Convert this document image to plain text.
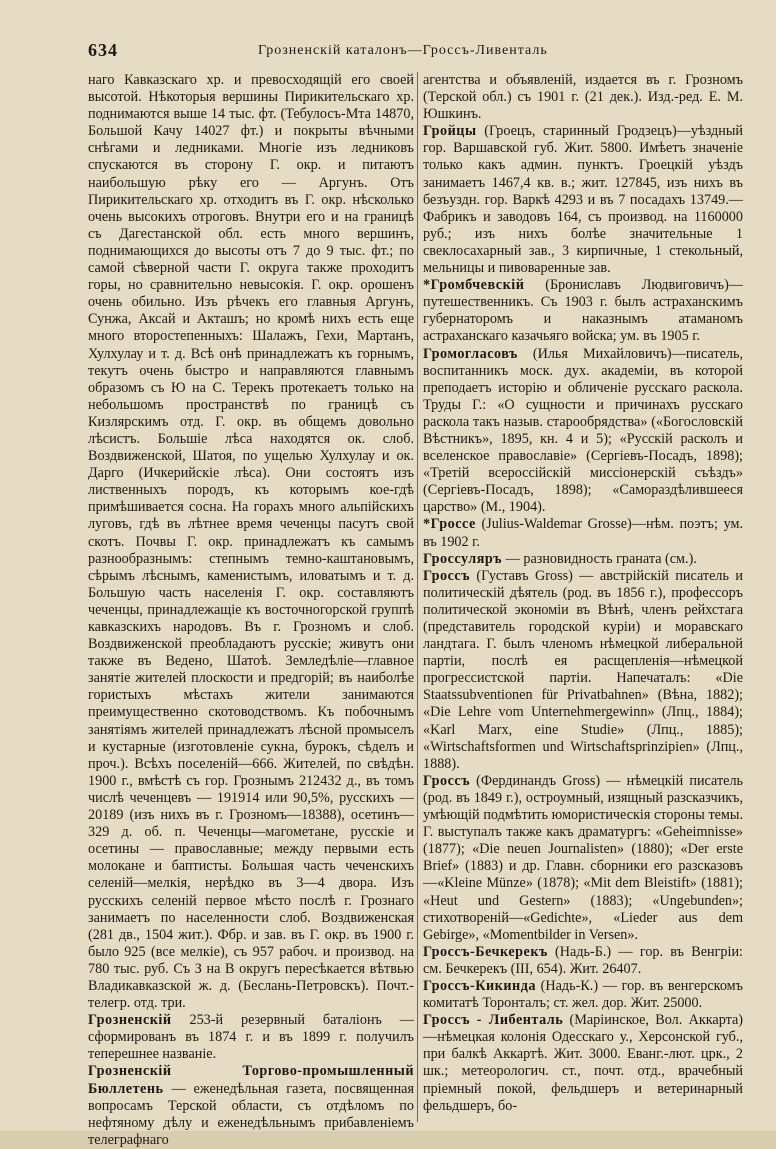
634	Грозненскій каталонъ—Гроссъ-Ливенталь

наго Кавказскаго хр. и превосходящій его своей высотой. Нѣкоторыя вершины Пирикительскаго хр. поднимаются выше 14 тыс. фт. (Тебулосъ-Мта 14870, Большой Качу 14027 фт.) и покрыты вѣчными снѣгами и ледниками. Многіе изъ ледниковъ спускаются въ сторону Г. окр. и питаютъ наибольшую рѣку его — Аргунъ. Отъ Пирикительскаго хр. отходитъ въ Г. окр. нѣсколько очень высокихъ отроговъ. Внутри его и на границѣ съ Дагестанской обл. есть много вершинъ, поднимающихся до высоты отъ 7 до 9 тыс. фт.; по самой сѣверной части Г. округа также проходитъ горы, но сравнительно невысокія. Г. окр. орошенъ очень обильно. Изъ рѣчекъ его главныя Аргунъ, Сунжа, Аксай и Акташъ; но кромѣ нихъ есть еще много второстепенныхъ: Шалажъ, Гехи, Мартанъ, Хулхулау и т. д. Всѣ онѣ принадлежатъ къ горнымъ, текутъ очень быстро и направляются главнымъ образомъ съ Ю на С. Терекъ протекаетъ только на небольшомъ пространствѣ по границѣ съ Кизлярскимъ отд. Г. окр. въ общемъ довольно лѣсистъ. Большіе лѣса находятся ок. слоб. Воздвиженской, Шатоя, по ущелью Хулхулау и ок. Дарго (Ичкерийскіе лѣса). Они состоятъ изъ лиственныхъ породъ, къ которымъ кое-гдѣ примѣшивается сосна. На горахъ много альпійскихъ луговъ, гдѣ въ лѣтнее время чеченцы пасутъ свой скотъ. Почвы Г. окр. принадлежатъ къ самымъ разнообразнымъ: степнымъ темно-каштановымъ, сѣрымъ лѣснымъ, каменистымъ, иловатымъ и т. д. Большую часть населенія Г. окр. составляютъ чеченцы, принадлежащіе къ восточногорской группѣ кавказскихъ народовъ. Въ г. Грозномъ и слоб. Воздвиженской преобладаютъ русскіе; живутъ они также въ Ведено, Шатоѣ. Земледѣліе—главное занятіе жителей плоскости и предгорій; въ наиболѣе гористыхъ мѣстахъ жители занимаются преимущественно скотоводствомъ. Къ побочнымъ занятіямъ жителей принадлежатъ лѣсной промыселъ и кустарные (изготовленіе сукна, бурокъ, сѣделъ и проч.). Всѣхъ поселеній—666. Жителей, по свѣдѣн. 1900 г., вмѣстѣ съ гор. Грознымъ 212432 д., въ томъ числѣ чеченцевъ — 191914 или 90,5%, русскихъ — 20189 (изъ нихъ въ г. Грозномъ—18388), осетинъ—329 д. об. п. Чеченцы—магометане, русскіе и осетины — православные; между первыми есть молокане и баптисты. Большая часть чеченскихъ селеній—мелкія, нерѣдко въ 3—4 двора. Изъ русскихъ селеній первое мѣсто послѣ г. Грознаго занимаетъ по населенности слоб. Воздвиженская (281 дв., 1504 жит.). Фбр. и зав. въ Г. окр. въ 1900 г. было 925 (все мелкіе), съ 957 рабоч. и производ. на 780 тыс. руб. Съ З на В округъ пересѣкается вѣтвью Владикавказской ж. д. (Беслань-Петровскъ). Почт.-телегр. отд. три.

Грозненскій 253-й резервный баталіонъ — сформированъ въ 1874 г. и въ 1899 г. получилъ теперешнее названіе.

Грозненскій Торгово-промышленный Бюллетень — еженедѣльная газета, посвященная вопросамъ Терской области, съ отдѣломъ по нефтяному дѣлу и еженедѣльнымъ прибавленіемъ телеграфнаго

агентства и объявленій, издается въ г. Грозномъ (Терской обл.) съ 1901 г. (21 дек.). Изд.-ред. Е. М. Юшкинъ.

Гройцы (Гроецъ, старинный Гродзецъ)—уѣздный гор. Варшавской губ. Жит. 5800. Имѣетъ значеніе только какъ админ. пунктъ. Гроецкій уѣздъ занимаетъ 1467,4 кв. в.; жит. 127845, изъ нихъ въ безъуздн. гор. Варкѣ 4293 и въ 7 посадахъ 13749.—Фабрикъ и заводовъ 164, съ производ. на 1160000 руб.; изъ нихъ болѣе значительные 1 свеклосахарный зав., 3 кирпичные, 1 стекольный, мельницы и пивоваренные зав.

*Громбчевскій (Брониславъ Людвиговичъ)—путешественникъ. Съ 1903 г. былъ астраханскимъ губернаторомъ и наказнымъ атаманомъ астраханскаго казачьяго войска; ум. въ 1905 г.

Громогласовъ (Илья Михайловичъ)—писатель, воспитанникъ моск. дух. академіи, въ которой преподаетъ исторію и обличеніе русскаго раскола. Труды Г.: «О сущности и причинахъ русскаго раскола такъ назыв. старообрядства» («Богословскій Вѣстникъ», 1895, кн. 4 и 5); «Русскій расколъ и вселенское православіе» (Сергіевъ-Посадъ, 1898); «Третій всероссійскій миссіонерскій съѣздъ» (Сергіевъ-Посадъ, 1898); «Самораздѣлившееся царство» (М., 1904).

*Гроссе (Julius-Waldemar Grosse)—нѣм. поэтъ; ум. въ 1902 г.

Гроссуляръ — разновидность граната (см.).

Гроссъ (Густавъ Gross) — австрійскій писатель и политическій дѣятель (род. въ 1856 г.), профессоръ политической экономіи въ Вѣнѣ, членъ рейхстага (представитель городской куріи) и моравскаго ландтага. Г. былъ членомъ нѣмецкой либеральной партіи, послѣ ея расщепленія—нѣмецкой прогрессистской партіи. Напечаталъ: «Die Staatssubventionen für Privatbahnen» (Вѣна, 1882); «Die Lehre vom Unternehmergewinn» (Лпц., 1884); «Karl Marx, eine Studie» (Лпц., 1885); «Wirtschaftsformen und Wirtschaftsprinzipien» (Лпц., 1888).

Гроссъ (Фердинандъ Gross) — нѣмецкій писатель (род. въ 1849 г.), остроумный, изящный разсказчикъ, умѣющій подмѣтить юмористическія стороны темы. Г. выступалъ также какъ драматургъ: «Geheimnisse» (1877); «Die neuen Journalisten» (1880); «Der erste Brief» (1883) и др. Главн. сборники его разсказовъ—«Kleine Münze» (1878); «Mit dem Bleistift» (1881); «Heut und Gestern» (1883); «Ungebunden»; стихотвореній—«Gedichte», «Lieder aus dem Gebirge», «Momentbilder in Versen».

Гроссъ-Бечкерекъ (Надь-Б.) — гор. въ Венгріи: см. Бечкерекъ (III, 654). Жит. 26407.

Гроссъ-Кикинда (Надь-К.) — гор. въ венгерскомъ комитатѣ Торонталъ; ст. жел. дор. Жит. 25000.

Гроссъ - Либенталь (Маріинское, Вол. Аккарта)—нѣмецкая колонія Одесскаго у., Херсонской губ., при балкѣ Аккартѣ. Жит. 3000. Еванг.-лют. црк., 2 шк.; метеорологич. ст., почт. отд., врачебный пріемный покой, фельдшеръ и ветеринарный фельдшеръ, бо-
